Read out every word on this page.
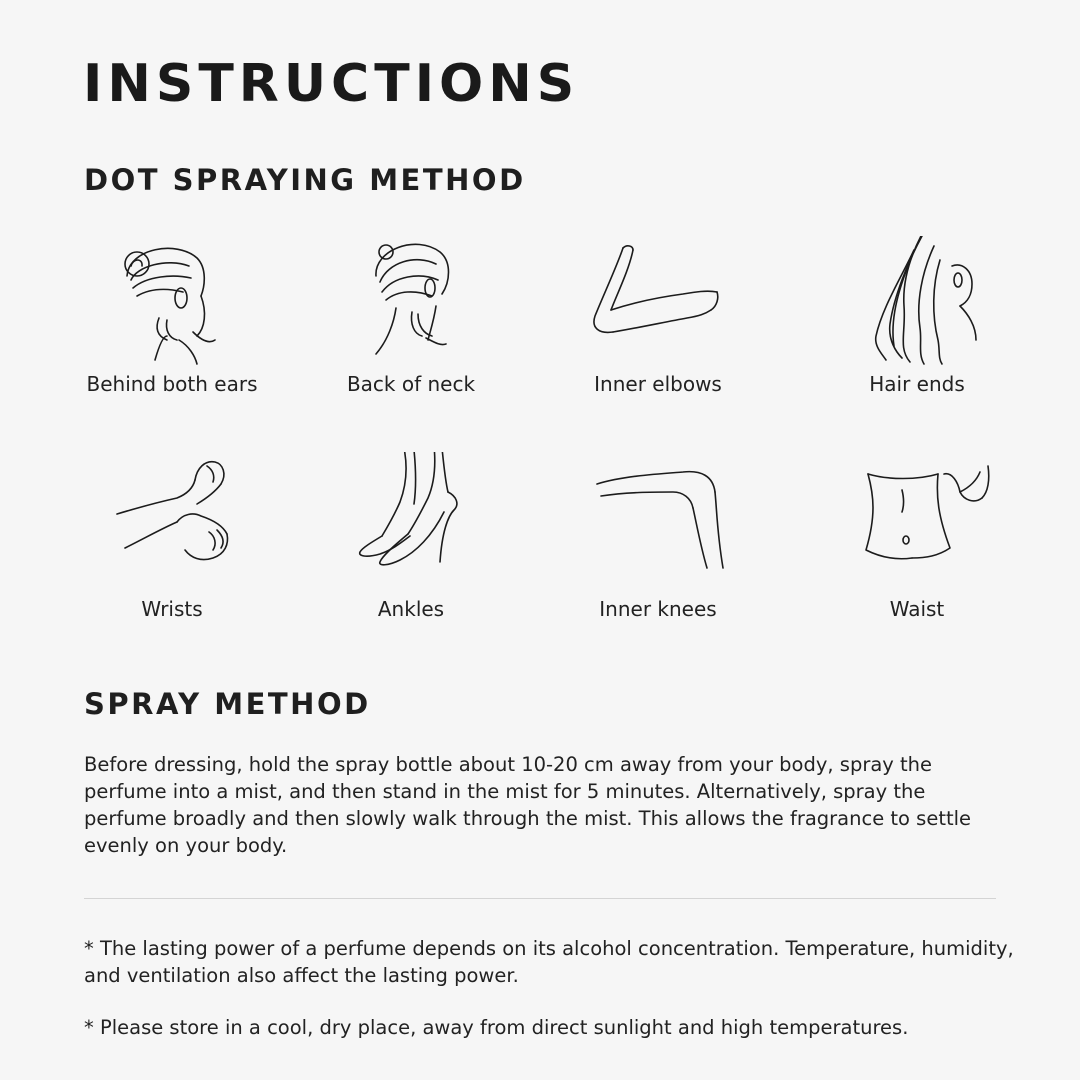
INSTRUCTIONS
DOT SPRAYING METHOD
Behind both ears	Back of neck	Inner elbows	Hair ends
Wrists	Ankles	Inner knees	Waist
SPRAY METHOD

Before dressing, hold the spray bottle about 10-20 cm away from your body, spray the perfume into a mist, and then stand in the mist for 5 minutes. Alternatively, spray the perfume broadly and then slowly walk through the mist. This allows the fragrance to settle evenly on your body.

* The lasting power of a perfume depends on its alcohol concentration. Temperature, humidity, and ventilation also affect the lasting power.

* Please store in a cool, dry place, away from direct sunlight and high temperatures.
